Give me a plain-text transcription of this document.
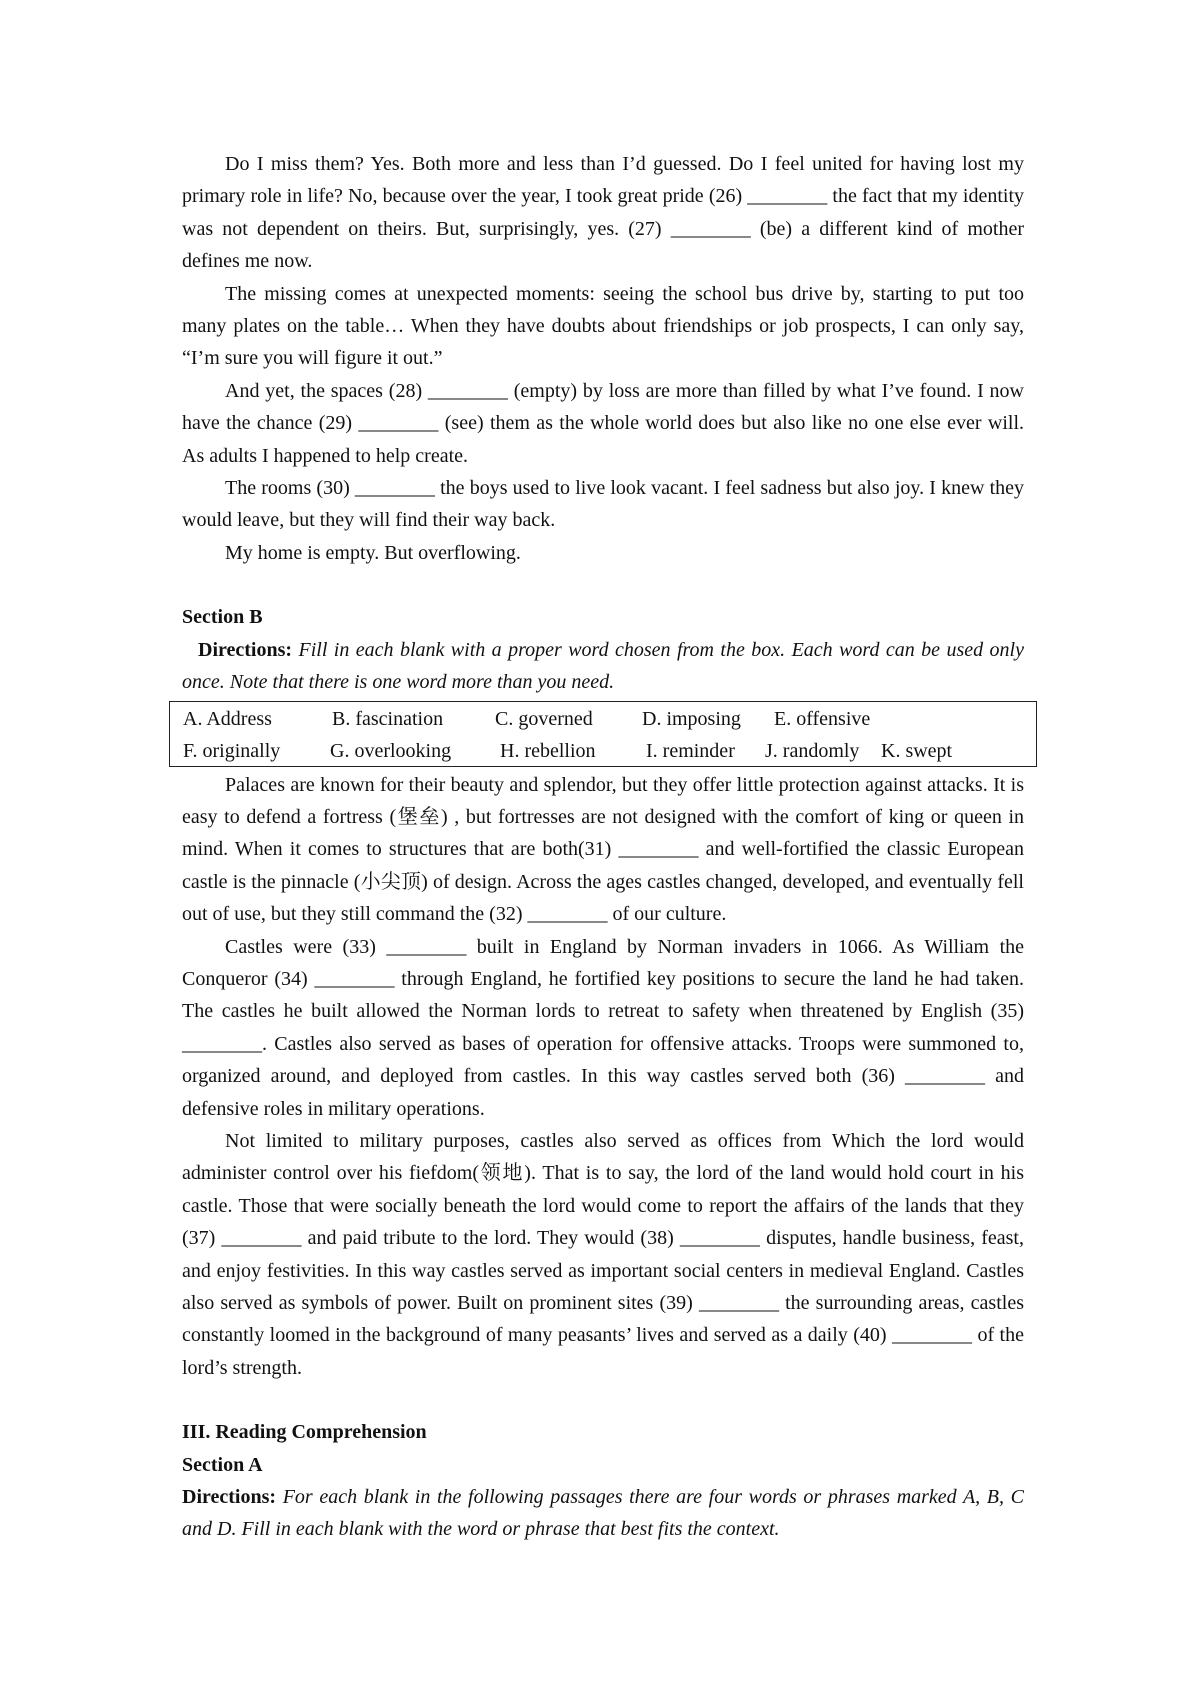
Do I miss them? Yes. Both more and less than I’d guessed. Do I feel united for having lost my primary role in life? No, because over the year, I took great pride (26) ________ the fact that my identity was not dependent on theirs. But, surprisingly, yes. (27) ________ (be) a different kind of mother defines me now.

The missing comes at unexpected moments: seeing the school bus drive by, starting to put too many plates on the table… When they have doubts about friendships or job prospects, I can only say, “I’m sure you will figure it out.”

And yet, the spaces (28) ________ (empty) by loss are more than filled by what I’ve found. I now have the chance (29) ________ (see) them as the whole world does but also like no one else ever will. As adults I happened to help create.

The rooms (30) ________ the boys used to live look vacant. I feel sadness but also joy. I knew they would leave, but they will find their way back.

My home is empty. But overflowing.

Section B

Directions: Fill in each blank with a proper word chosen from the box. Each word can be used only once. Note that there is one word more than you need.

A. Address	B. fascination	C. governed D. imposing E. offensive
F. originally G. overlooking H. rebellion	I. reminder J. randomly K. swept

Palaces are known for their beauty and splendor, but they offer little protection against attacks. It is easy to defend a fortress (堡垒) , but fortresses are not designed with the comfort of king or queen in mind. When it comes to structures that are both(31) ________ and well-fortified the classic European castle is the pinnacle (小尖顶) of design. Across the ages castles changed, developed, and eventually fell out of use, but they still command the (32) ________ of our culture.

Castles were (33) ________ built in England by Norman invaders in 1066. As William the Conqueror (34) ________ through England, he fortified key positions to secure the land he had taken. The castles he built allowed the Norman lords to retreat to safety when threatened by English (35) ________. Castles also served as bases of operation for offensive attacks. Troops were summoned to, organized around, and deployed from castles. In this way castles served both (36) ________ and defensive roles in military operations.

Not limited to military purposes, castles also served as offices from Which the lord would administer control over his fiefdom(领地). That is to say, the lord of the land would hold court in his castle. Those that were socially beneath the lord would come to report the affairs of the lands that they (37) ________ and paid tribute to the lord. They would (38) ________ disputes, handle business, feast, and enjoy festivities. In this way castles served as important social centers in medieval England. Castles also served as symbols of power. Built on prominent sites (39) ________ the surrounding areas, castles constantly loomed in the background of many peasants’ lives and served as a daily (40) ________ of the lord’s strength.

III. Reading Comprehension

Section A

Directions: For each blank in the following passages there are four words or phrases marked A, B, C and D. Fill in each blank with the word or phrase that best fits the context.
